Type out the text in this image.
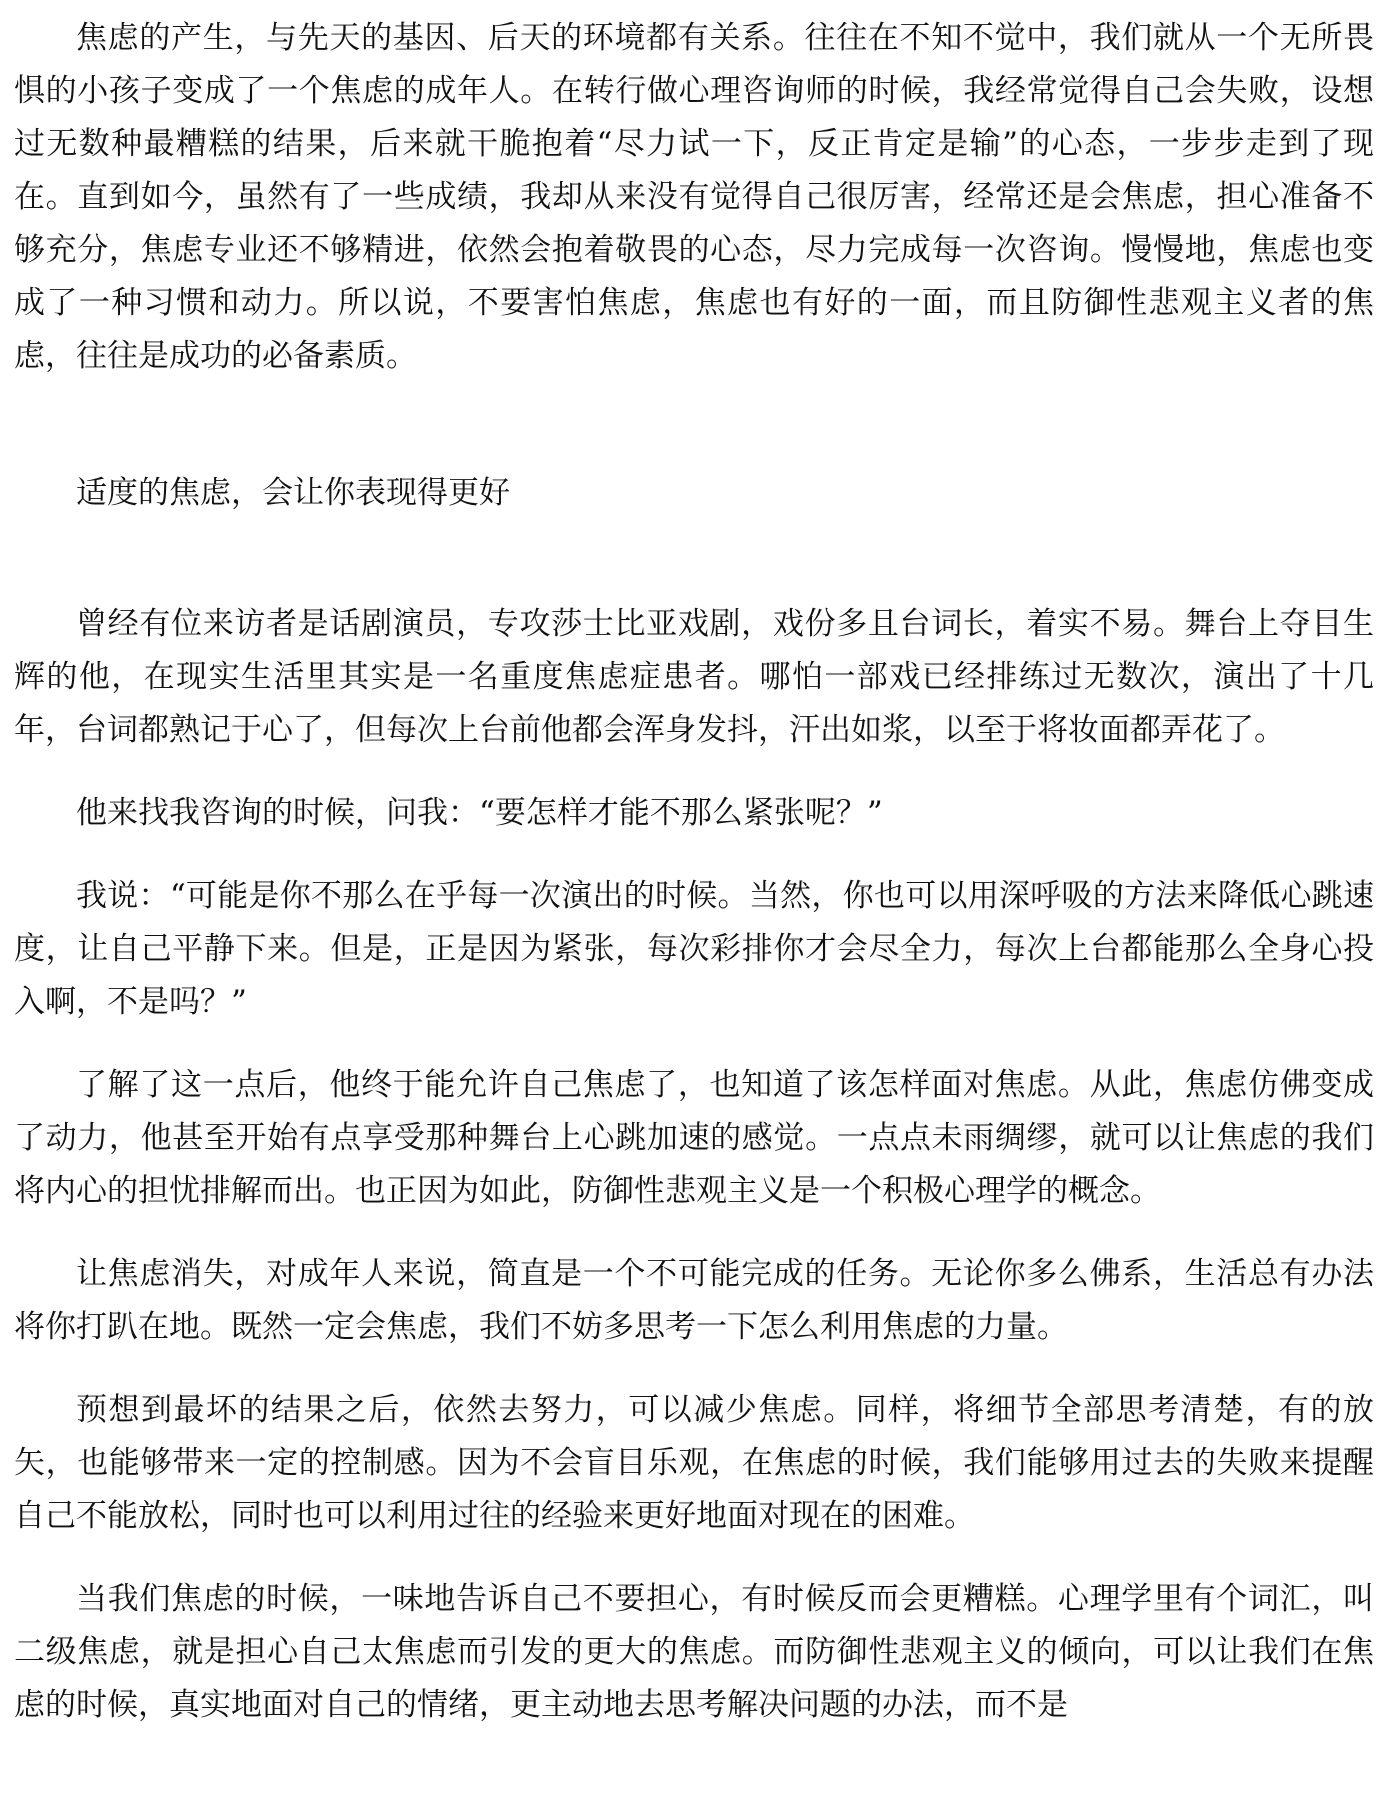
焦虑的产生，与先天的基因、后天的环境都有关系。往往在不知不觉中，我们就从一个无所畏惧的小孩子变成了一个焦虑的成年人。在转行做心理咨询师的时候，我经常觉得自己会失败，设想过无数种最糟糕的结果，后来就干脆抱着“尽力试一下，反正肯定是输”的心态，一步步走到了现在。直到如今，虽然有了一些成绩，我却从来没有觉得自己很厉害，经常还是会焦虑，担心准备不够充分，焦虑专业还不够精进，依然会抱着敬畏的心态，尽力完成每一次咨询。慢慢地，焦虑也变成了一种习惯和动力。所以说，不要害怕焦虑，焦虑也有好的一面，而且防御性悲观主义者的焦虑，往往是成功的必备素质。

适度的焦虑，会让你表现得更好

曾经有位来访者是话剧演员，专攻莎士比亚戏剧，戏份多且台词长，着实不易。舞台上夺目生辉的他，在现实生活里其实是一名重度焦虑症患者。哪怕一部戏已经排练过无数次，演出了十几年，台词都熟记于心了，但每次上台前他都会浑身发抖，汗出如浆，以至于将妆面都弄花了。

他来找我咨询的时候，问我：“要怎样才能不那么紧张呢？”

我说：“可能是你不那么在乎每一次演出的时候。当然，你也可以用深呼吸的方法来降低心跳速度，让自己平静下来。但是，正是因为紧张，每次彩排你才会尽全力，每次上台都能那么全身心投入啊，不是吗？”

了解了这一点后，他终于能允许自己焦虑了，也知道了该怎样面对焦虑。从此，焦虑仿佛变成了动力，他甚至开始有点享受那种舞台上心跳加速的感觉。一点点未雨绸缪，就可以让焦虑的我们将内心的担忧排解而出。也正因为如此，防御性悲观主义是一个积极心理学的概念。

让焦虑消失，对成年人来说，简直是一个不可能完成的任务。无论你多么佛系，生活总有办法将你打趴在地。既然一定会焦虑，我们不妨多思考一下怎么利用焦虑的力量。

预想到最坏的结果之后，依然去努力，可以减少焦虑。同样，将细节全部思考清楚，有的放矢，也能够带来一定的控制感。因为不会盲目乐观，在焦虑的时候，我们能够用过去的失败来提醒自己不能放松，同时也可以利用过往的经验来更好地面对现在的困难。

当我们焦虑的时候，一味地告诉自己不要担心，有时候反而会更糟糕。心理学里有个词汇，叫二级焦虑，就是担心自己太焦虑而引发的更大的焦虑。而防御性悲观主义的倾向，可以让我们在焦虑的时候，真实地面对自己的情绪，更主动地去思考解决问题的办法，而不是
